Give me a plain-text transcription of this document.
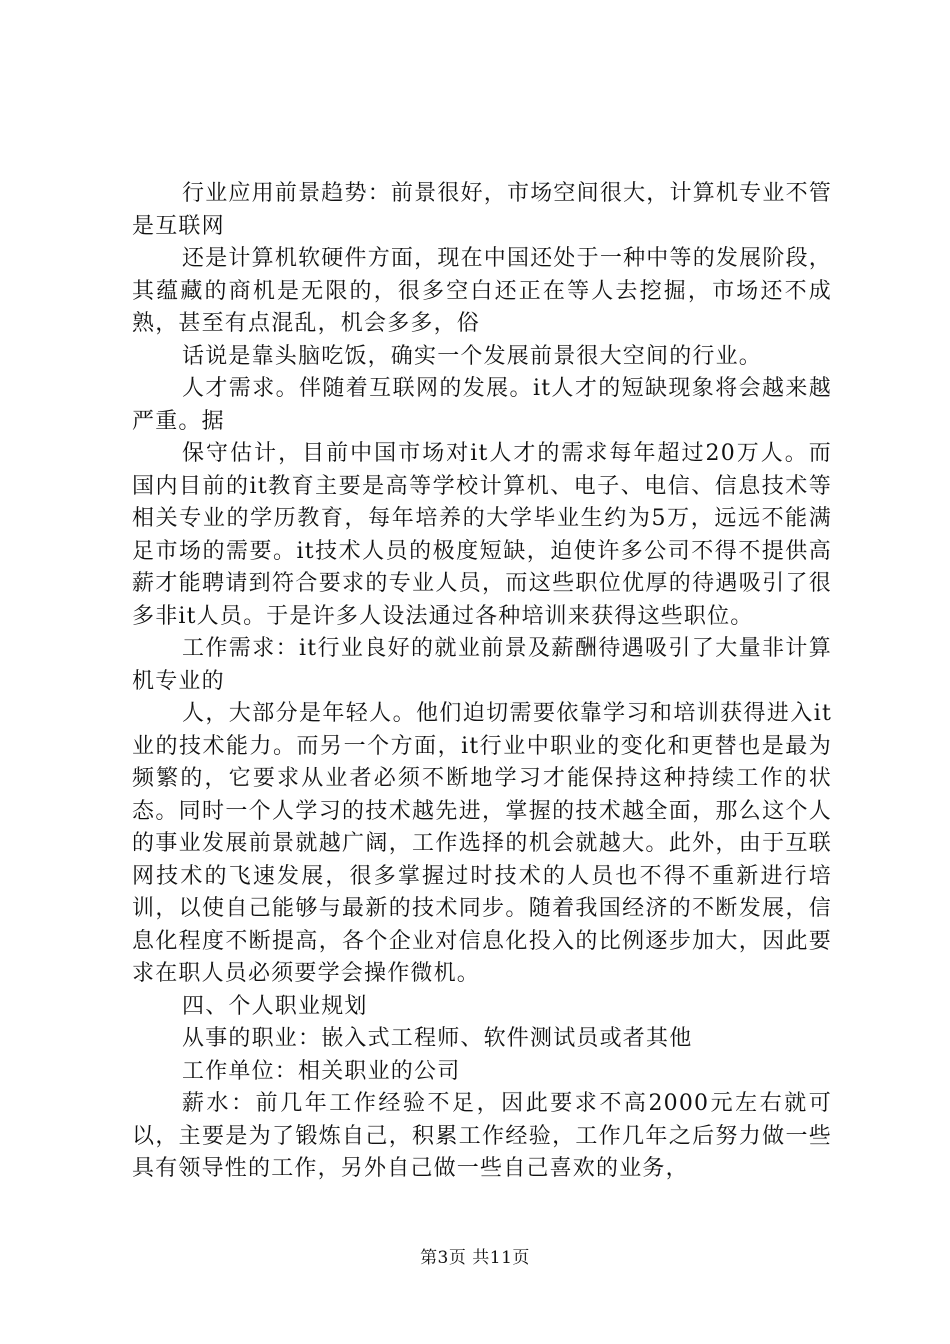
行业应用前景趋势：前景很好，市场空间很大，计算机专业不管是互联网

还是计算机软硬件方面，现在中国还处于一种中等的发展阶段，其蕴藏的商机是无限的，很多空白还正在等人去挖掘，市场还不成熟，甚至有点混乱，机会多多，俗

话说是靠头脑吃饭，确实一个发展前景很大空间的行业。

人才需求。伴随着互联网的发展。it人才的短缺现象将会越来越严重。据

保守估计，目前中国市场对it人才的需求每年超过20万人。而国内目前的it教育主要是高等学校计算机、电子、电信、信息技术等相关专业的学历教育，每年培养的大学毕业生约为5万，远远不能满足市场的需要。it技术人员的极度短缺，迫使许多公司不得不提供高薪才能聘请到符合要求的专业人员，而这些职位优厚的待遇吸引了很多非it人员。于是许多人设法通过各种培训来获得这些职位。

工作需求：it行业良好的就业前景及薪酬待遇吸引了大量非计算机专业的

人，大部分是年轻人。他们迫切需要依靠学习和培训获得进入it业的技术能力。而另一个方面，it行业中职业的变化和更替也是最为频繁的，它要求从业者必须不断地学习才能保持这种持续工作的状态。同时一个人学习的技术越先进，掌握的技术越全面，那么这个人的事业发展前景就越广阔，工作选择的机会就越大。此外，由于互联网技术的飞速发展，很多掌握过时技术的人员也不得不重新进行培训，以使自己能够与最新的技术同步。随着我国经济的不断发展，信息化程度不断提高，各个企业对信息化投入的比例逐步加大，因此要求在职人员必须要学会操作微机。

四、个人职业规划

从事的职业：嵌入式工程师、软件测试员或者其他

工作单位：相关职业的公司

薪水：前几年工作经验不足，因此要求不高2000元左右就可以，主要是为了锻炼自己，积累工作经验，工作几年之后努力做一些具有领导性的工作，另外自己做一些自己喜欢的业务，

第3页 共11页
